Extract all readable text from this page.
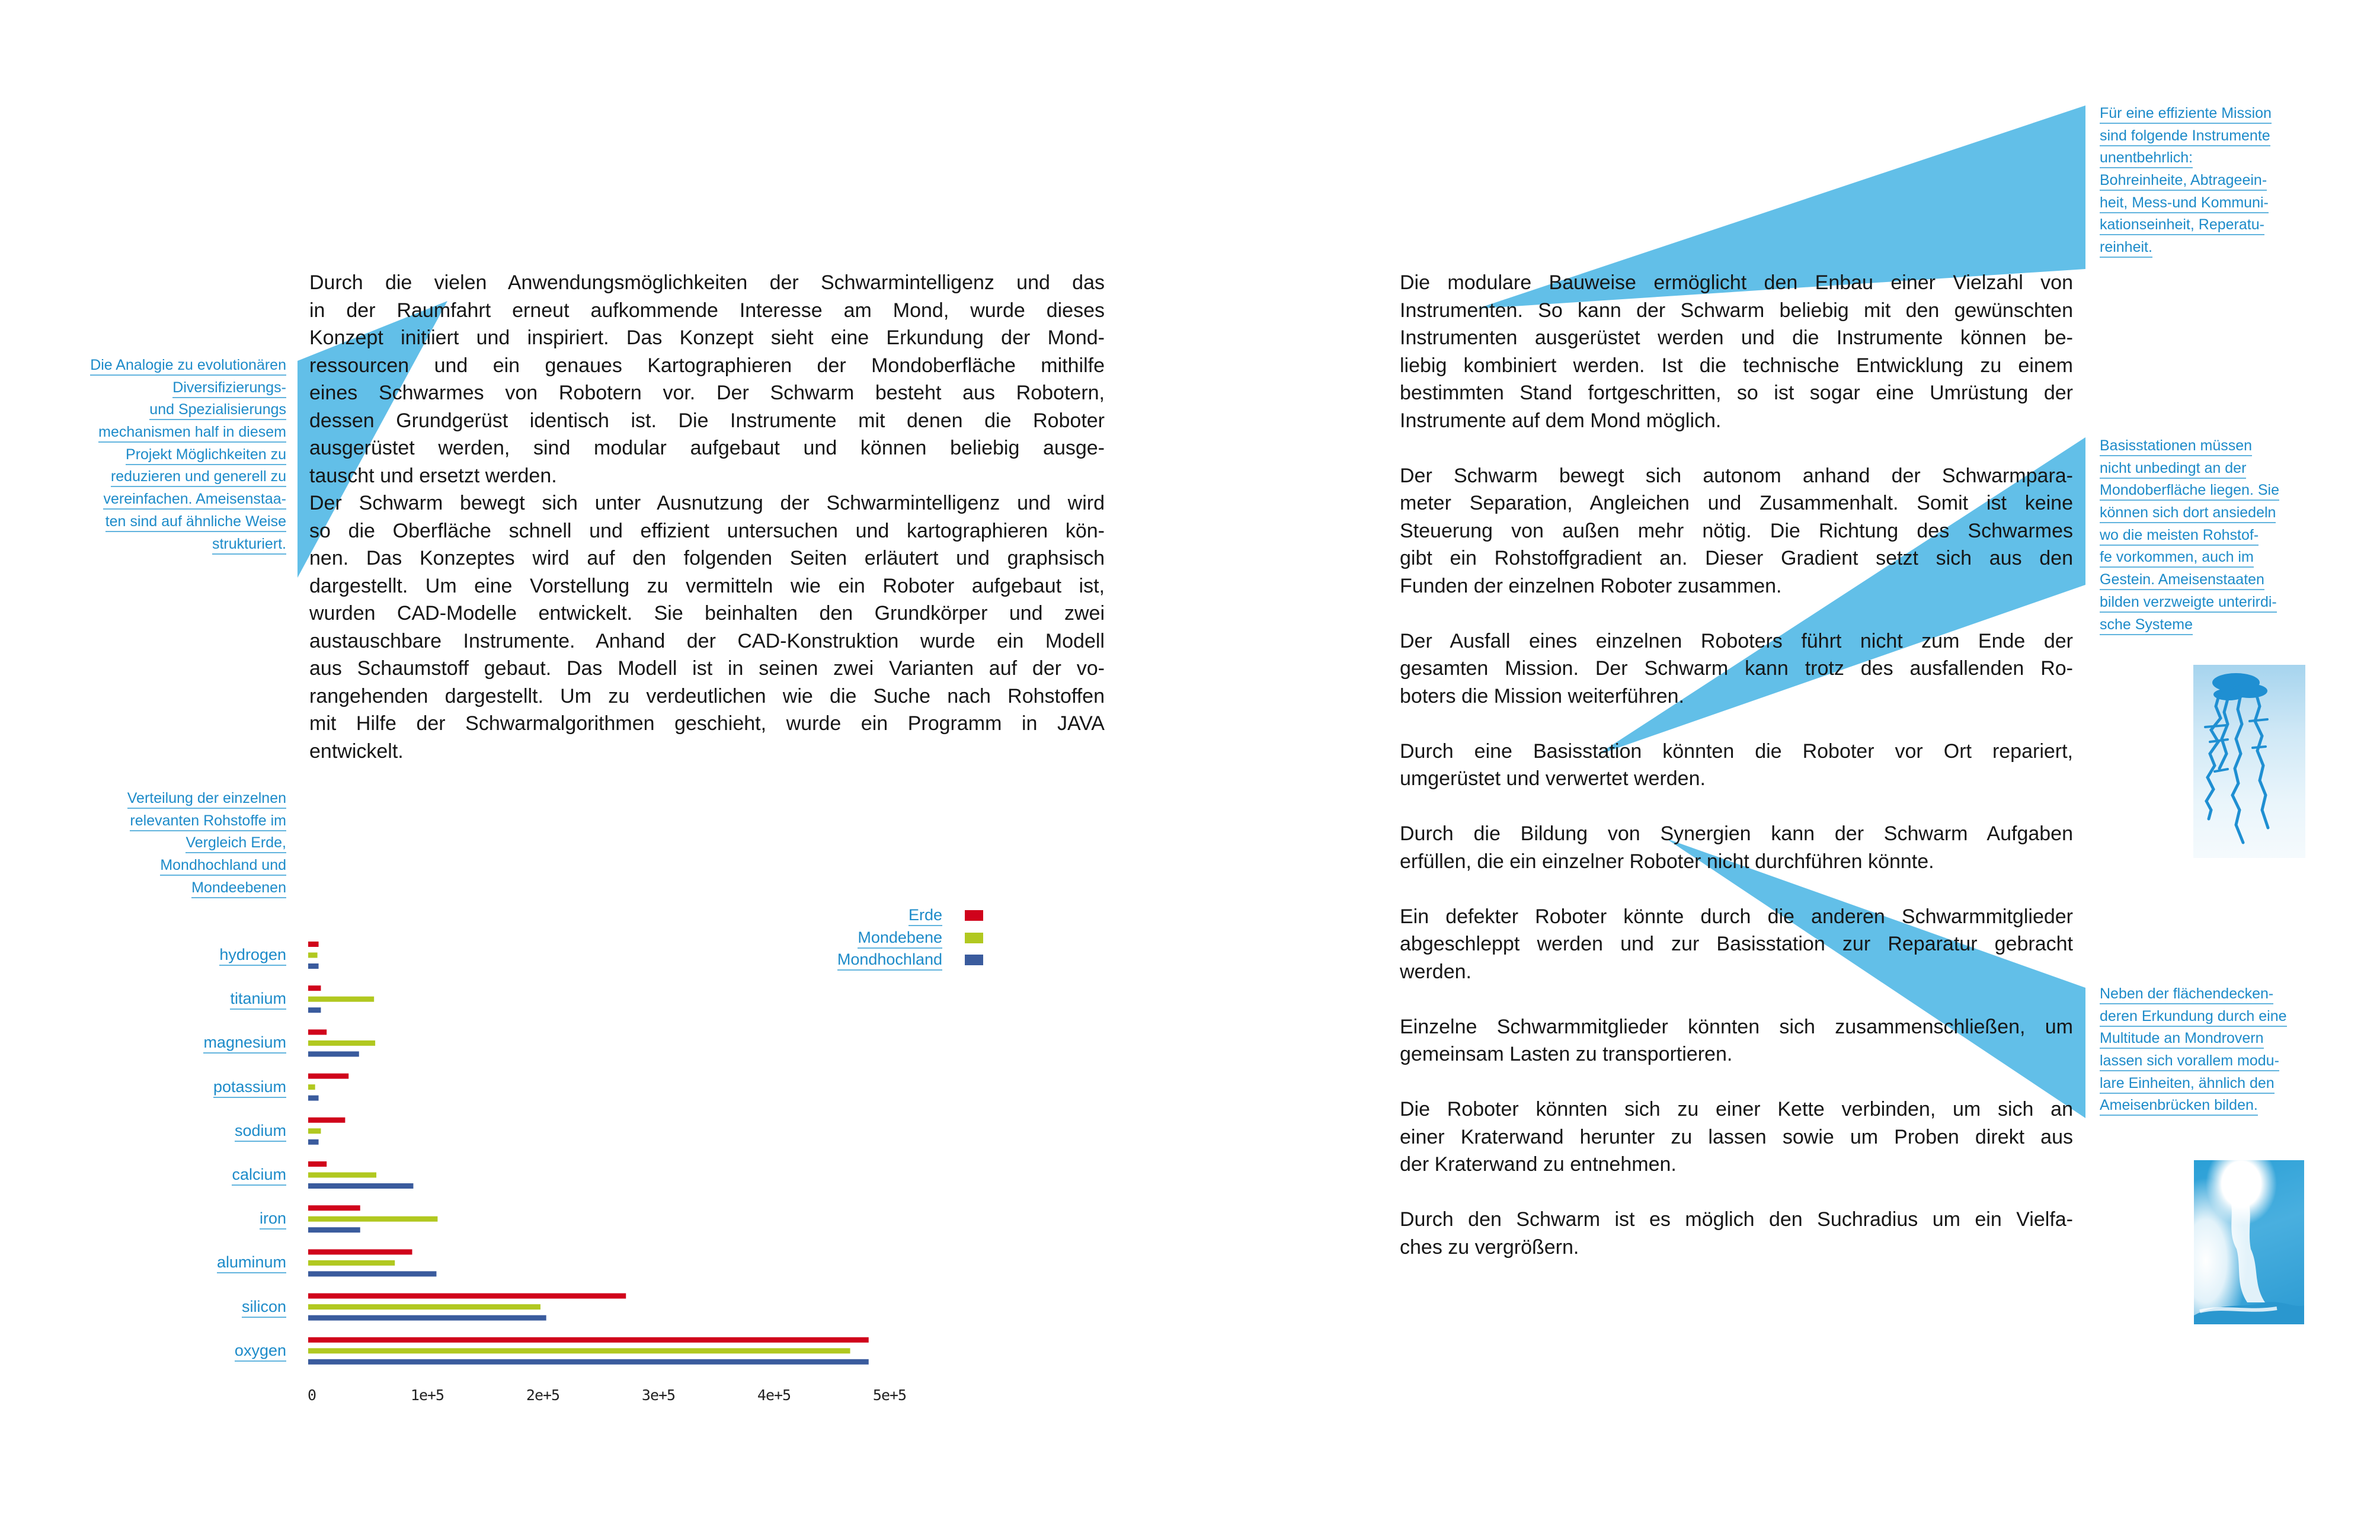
Durch die vielen Anwendungsmöglichkeiten der Schwarmintelligenz und das
in der Raumfahrt erneut aufkommende Interesse am Mond, wurde dieses
Konzept initiiert und inspiriert. Das Konzept sieht eine Erkundung der Mond-
ressourcen und ein genaues Kartographieren der Mondoberfläche mithilfe
eines Schwarmes von Robotern vor. Der Schwarm besteht aus Robotern,
dessen Grundgerüst identisch ist. Die Instrumente mit denen die Roboter
ausgerüstet werden, sind modular aufgebaut und können beliebig ausge-
tauscht und ersetzt werden.
Der Schwarm bewegt sich unter Ausnutzung der Schwarmintelligenz und wird
so die Oberfläche schnell und effizient untersuchen und kartographieren kön-
nen. Das Konzeptes wird auf den folgenden Seiten erläutert und graphsisch
dargestellt. Um eine Vorstellung zu vermitteln wie ein Roboter aufgebaut ist,
wurden CAD-Modelle entwickelt. Sie beinhalten den Grundkörper und zwei
austauschbare Instrumente. Anhand der CAD-Konstruktion wurde ein Modell
aus Schaumstoff gebaut. Das Modell ist in seinen zwei Varianten auf der vo-
rangehenden dargestellt. Um zu verdeutlichen wie die Suche nach Rohstoffen
mit Hilfe der Schwarmalgorithmen geschieht, wurde ein Programm in JAVA
entwickelt.
Die Analogie zu evolutionären
Diversifizierungs-
und Spezialisierungs
mechanismen half in diesem
Projekt Möglichkeiten zu
reduzieren und generell zu
vereinfachen. Ameisenstaa-
ten sind auf ähnliche Weise
strukturiert.
Verteilung der einzelnen
relevanten Rohstoffe im
Vergleich Erde,
Mondhochland und
Mondeebenen
hydrogen
titanium
magnesium
potassium
sodium
calcium
iron
aluminum
silicon
oxygen
0	1e+5	2e+5	3e+5	4e+5	5e+5
Erde
Mondebene
Mondhochland
Die modulare Bauweise ermöglicht den Enbau einer Vielzahl von
Instrumenten. So kann der Schwarm beliebig mit den gewünschten
Instrumenten ausgerüstet werden und die Instrumente können be-
liebig kombiniert werden. Ist die technische Entwicklung zu einem
bestimmten Stand fortgeschritten, so ist sogar eine Umrüstung der
Instrumente auf dem Mond möglich.
Der Schwarm bewegt sich autonom anhand der Schwarmpara-
meter Separation, Angleichen und Zusammenhalt. Somit ist keine
Steuerung von außen mehr nötig. Die Richtung des Schwarmes
gibt ein Rohstoffgradient an. Dieser Gradient setzt sich aus den
Funden der einzelnen Roboter zusammen.
Der Ausfall eines einzelnen Roboters führt nicht zum Ende der
gesamten Mission. Der Schwarm kann trotz des ausfallenden Ro-
boters die Mission weiterführen.
Durch eine Basisstation könnten die Roboter vor Ort repariert,
umgerüstet und verwertet werden.
Durch die Bildung von Synergien kann der Schwarm Aufgaben
erfüllen, die ein einzelner Roboter nicht durchführen könnte.
Ein defekter Roboter könnte durch die anderen Schwarmmitglieder
abgeschleppt werden und zur Basisstation zur Reparatur gebracht
werden.
Einzelne Schwarmmitglieder könnten sich zusammenschließen, um
gemeinsam Lasten zu transportieren.
Die Roboter könnten sich zu einer Kette verbinden, um sich an
einer Kraterwand herunter zu lassen sowie um Proben direkt aus
der Kraterwand zu entnehmen.
Durch den Schwarm ist es möglich den Suchradius um ein Vielfa-
ches zu vergrößern.
Für eine effiziente Mission
sind folgende Instrumente
unentbehrlich:
Bohreinheite, Abtrageein-
heit, Mess-und Kommuni-
kationseinheit, Reperatu-
reinheit.
Basisstationen müssen
nicht unbedingt an der
Mondoberfläche liegen. Sie
können sich dort ansiedeln
wo die meisten Rohstof-
fe vorkommen, auch im
Gestein. Ameisenstaaten
bilden verzweigte unterirdi-
sche Systeme
Neben der flächendecken-
deren Erkundung durch eine
Multitude an Mondrovern
lassen sich vorallem modu-
lare Einheiten, ähnlich den
Ameisenbrücken bilden.
